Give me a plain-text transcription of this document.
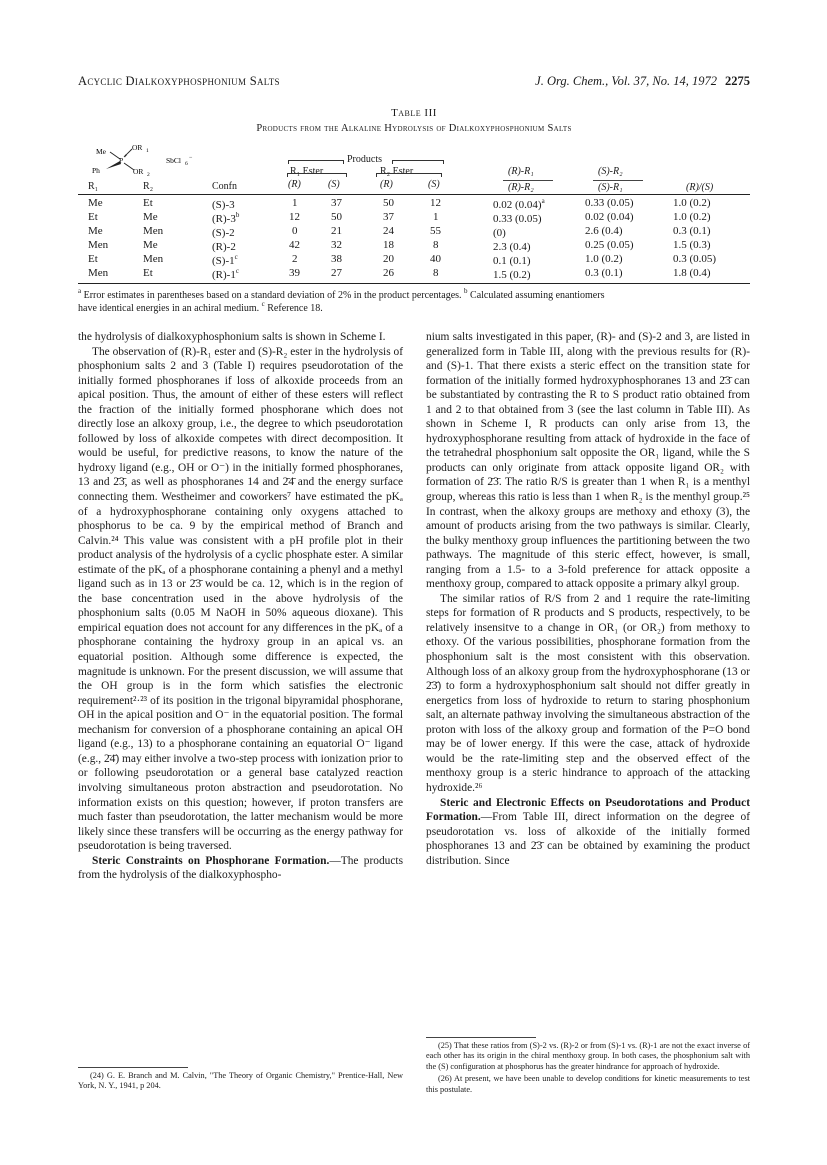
Acyclic Dialkoxyphosphonium Salts	J. Org. Chem., Vol. 37, No. 14, 1972 2275
Table III
Products from the Alkaline Hydrolysis of Dialkoxyphosphonium Salts
Me	OR 1
P +
Ph	OR 2
SbCl 6
−	Products
R₁ Ester	R₂ Ester	(R)-R₁	(S)-R₂
R₁	R₂	Confn	(R)	(S)	(R)	(S)	(R)-R₂	(S)-R₁	(R)/(S)
Me	Et	(S)-3	1	37	50	12	0.02 $(0.04)^a$	0.33 (0.05)	1.0 (0.2)
Et	Me	(R)-3$^b$	12	50	37	1	0.33 (0.05)	0.02 (0.04)	1.0 (0.2)
Me	Men	(S)-2	0	21	24	55	(0)	2.6 (0.4)	0.3 (0.1)
Men	Me	(R)-2	42	32	18	8	2.3 (0.4)	0.25 (0.05)	1.5 (0.3)
Et	Men	(S)-1$^c$	2	38	20	40	0.1 (0.1)	1.0 (0.2)	0.3 (0.05)
Men	Et	(R)-1$^c$	39	27	26	8	1.5 (0.2)	0.3 (0.1)	1.8 (0.4)
$^a$ Error estimates in parentheses based on a standard deviation of 2% in the product percentages. $^b$ Calculated assuming enantiomers
have identical energies in an achiral medium. $^c$ Reference 18.

the hydrolysis of dialkoxyphosphonium salts is shown in Scheme I.

The observation of (R)-R₁ ester and (S)-R₂ ester in the hydrolysis of phosphonium salts 2 and 3 (Table I) requires pseudorotation of the initially formed phosphoranes if loss of alkoxide proceeds from an apical position. Thus, the amount of either of these esters will reflect the fraction of the initially formed phosphorane which does not directly lose an alkoxy group, i.e., the degree to which pseudorotation followed by loss of alkoxide competes with direct decomposition. It would be useful, for predictive reasons, to know the nature of the hydroxy ligand (e.g., OH or O⁻) in the initially formed phosphoranes, 13 and 2̄3̄, as well as phosphoranes 14 and 2̄4̄ and the energy surface connecting them. Westheimer and coworkers⁷ have estimated the pKₐ of a hydroxyphosphorane containing only oxygens attached to phosphorus to be ca. 9 by the empirical method of Branch and Calvin.²⁴ This value was consistent with a pH profile plot in their product analysis of the hydrolysis of a cyclic phosphate ester. A similar estimate of the pKₐ of a phosphorane containing a phenyl and a methyl ligand such as in 13 or 2̄3̄ would be ca. 12, which is in the region of the base concentration used in the above hydrolysis of the phosphonium salts (0.05 M NaOH in 50% aqueous dioxane). This empirical equation does not account for any differences in the pKₐ of a phosphorane containing the hydroxy group in an apical vs. an equatorial position. Although some difference is expected, the magnitude is unknown. For the present discussion, we will assume that the OH group is in the form which satisfies the electronic requirement²·²³ of its position in the trigonal bipyramidal phosphorane, OH in the apical position and O⁻ in the equatorial position. The formal mechanism for conversion of a phosphorane containing an apical OH ligand (e.g., 13) to a phosphorane containing an equatorial O⁻ ligand (e.g., 2̄4̄) may either involve a two-step process with ionization prior to or following pseudorotation or a general base catalyzed reaction involving simultaneous proton abstraction and pseudorotation. No information exists on this question; however, if proton transfers are much faster than pseudorotation, the latter mechanism would be more likely since these transfers will be occurring as the energy pathway for pseudorotation is being traversed.

Steric Constraints on Phosphorane Formation.—The products from the hydrolysis of the dialkoxyphospho-

(24) G. E. Branch and M. Calvin, "The Theory of Organic Chemistry," Prentice-Hall, New York, N. Y., 1941, p 204.

nium salts investigated in this paper, (R)- and (S)-2 and 3, are listed in generalized form in Table III, along with the previous results for (R)- and (S)-1. That there exists a steric effect on the transition state for formation of the initially formed hydroxyphosphoranes 13 and 2̄3̄ can be substantiated by contrasting the R to S product ratio obtained from 1 and 2 to that obtained from 3 (see the last column in Table III). As shown in Scheme I, R products can only arise from 13, the hydroxyphosphorane resulting from attack of hydroxide in the face of the tetrahedral phosphonium salt opposite the OR₁ ligand, while the S products can only originate from attack opposite ligand OR₂ with formation of 2̄3̄. The ratio R/S is greater than 1 when R₁ is a menthyl group, whereas this ratio is less than 1 when R₂ is the menthyl group.²⁵ In contrast, when the alkoxy groups are methoxy and ethoxy (3), the amount of products arising from the two pathways is similar. Clearly, the bulky menthoxy group influences the partitioning between the two pathways. The magnitude of this steric effect, however, is small, ranging from a 1.5- to a 3-fold preference for attack opposite a menthoxy group, compared to attack opposite a primary alkyl group.

The similar ratios of R/S from 2 and 1 require the rate-limiting steps for formation of R products and S products, respectively, to be relatively insensitve to a change in OR₁ (or OR₂) from methoxy to ethoxy. Of the various possibilities, phosphorane formation from the phosphonium salt is the most consistent with this observation. Although loss of an alkoxy group from the hydroxyphosphorane (13 or 2̄3̄) to form a hydroxyphosphonium salt should not differ greatly in energetics from loss of hydroxide to return to staring phosphonium salt, an alternate pathway involving the simultaneous abstraction of the proton with loss of the alkoxy group and formation of the P=O bond may be of lower energy. If this were the case, attack of hydroxide would be the rate-limiting step and the observed effect of the menthoxy group is a steric hindrance to approach of the attacking hydroxide.²⁶

Steric and Electronic Effects on Pseudorotations and Product Formation.—From Table III, direct information on the degree of pseudorotation vs. loss of alkoxide of the initially formed phosphoranes 13 and 2̄3̄ can be obtained by examining the product distribution. Since

(25) That these ratios from (S)-2 vs. (R)-2 or from (S)-1 vs. (R)-1 are not the exact inverse of each other has its origin in the chiral menthoxy group. In both cases, the phosphonium salt with the (S) configuration at phosphorus has the greater hindrance for approach of hydroxide.

(26) At present, we have been unable to develop conditions for kinetic measurements to test this postulate.
